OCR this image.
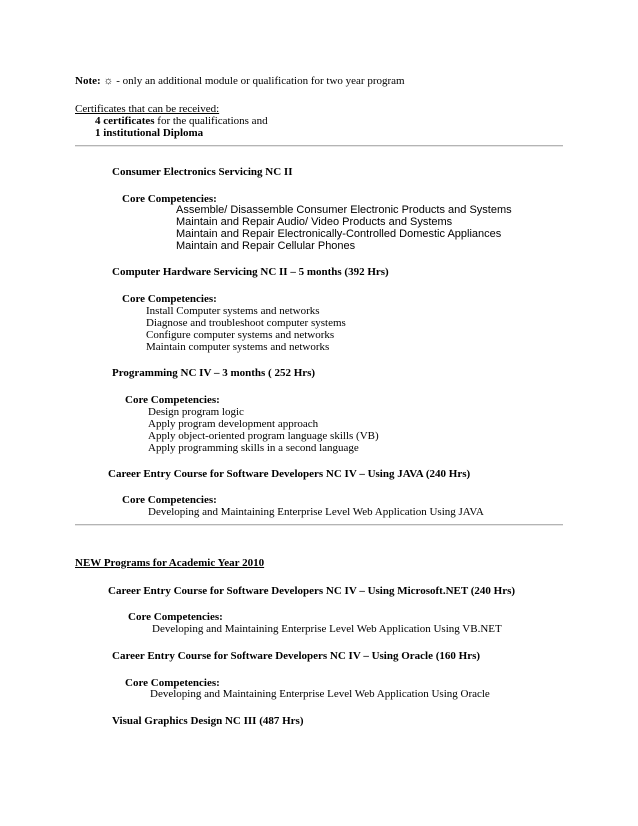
Note: ☼ - only an additional module or qualification for two year program
Certificates that can be received:
4 certificates for the qualifications and
1 institutional Diploma
Consumer Electronics Servicing NC II
Core Competencies:
Assemble/ Disassemble Consumer Electronic Products and Systems
Maintain and Repair Audio/ Video Products and Systems
Maintain and Repair Electronically-Controlled Domestic Appliances
Maintain and Repair Cellular Phones
Computer Hardware Servicing NC II – 5 months (392 Hrs)
Core Competencies:
Install Computer systems and networks
Diagnose and troubleshoot computer systems
Configure computer systems and networks
Maintain computer systems and networks
Programming NC IV – 3 months ( 252 Hrs)
Core Competencies:
Design program logic
Apply program development approach
Apply object-oriented program language skills (VB)
Apply programming skills in a second language
Career Entry Course for Software Developers NC IV – Using JAVA (240 Hrs)
Core Competencies:
Developing and Maintaining Enterprise Level Web Application Using JAVA
NEW Programs for Academic Year 2010
Career Entry Course for Software Developers NC IV – Using Microsoft.NET (240 Hrs)
Core Competencies:
Developing and Maintaining Enterprise Level Web Application Using VB.NET
Career Entry Course for Software Developers NC IV – Using Oracle (160 Hrs)
Core Competencies:
Developing and Maintaining Enterprise Level Web Application Using Oracle
Visual Graphics Design NC III (487 Hrs)
